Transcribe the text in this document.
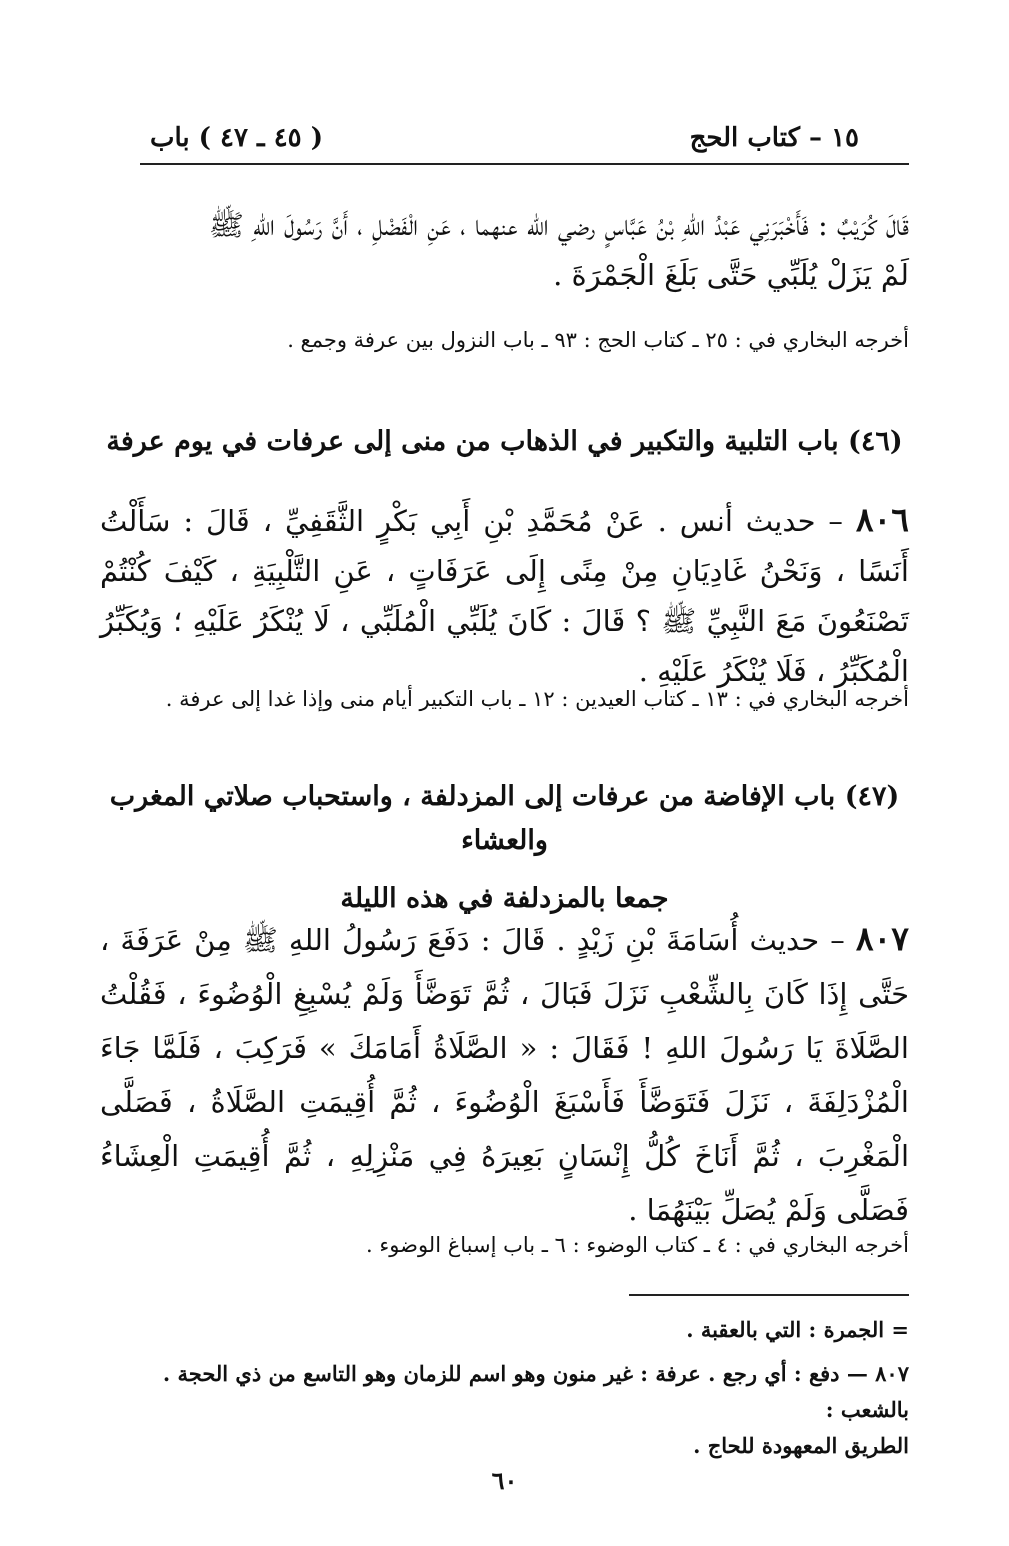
١٥ – كتاب الحج
( ٤٥ ـ ٤٧ ) باب
قَالَ كُرَيْبٌ : فَأَخْبَرَنِي عَبْدُ اللهِ بْنُ عَبَّاسٍ رضي الله عنهما ، عَنِ الْفَضْلِ ، أَنَّ رَسُولَ اللهِ ﷺ
لَمْ يَزَلْ يُلَبِّي حَتَّى بَلَغَ الْجَمْرَةَ .
أخرجه البخاري في : ٢٥ ـ كتاب الحج : ٩٣ ـ باب النزول بين عرفة وجمع .
(٤٦) باب التلبية والتكبير في الذهاب من منى إلى عرفات في يوم عرفة
٨٠٦ – حديث أنس . عَنْ مُحَمَّدِ بْنِ أَبِي بَكْرٍ الثَّقَفِيِّ ، قَالَ : سَأَلْتُ أَنَسًا ، وَنَحْنُ غَادِيَانِ مِنْ مِنًى إِلَى عَرَفَاتٍ ، عَنِ التَّلْبِيَةِ ، كَيْفَ كُنْتُمْ تَصْنَعُونَ مَعَ النَّبِيِّ ﷺ ؟ قَالَ : كَانَ يُلَبِّي الْمُلَبِّي ، لَا يُنْكَرُ عَلَيْهِ ؛ وَيُكَبِّرُ الْمُكَبِّرُ ، فَلَا يُنْكَرُ عَلَيْهِ .
أخرجه البخاري في : ١٣ ـ كتاب العيدين : ١٢ ـ باب التكبير أيام منى وإذا غدا إلى عرفة .
(٤٧) باب الإفاضة من عرفات إلى المزدلفة ، واستحباب صلاتي المغرب والعشاء
جمعا بالمزدلفة في هذه الليلة
٨٠٧ – حديث أُسَامَةَ بْنِ زَيْدٍ . قَالَ : دَفَعَ رَسُولُ اللهِ ﷺ مِنْ عَرَفَةَ ، حَتَّى إِذَا كَانَ بِالشِّعْبِ نَزَلَ فَبَالَ ، ثُمَّ تَوَضَّأَ وَلَمْ يُسْبِغِ الْوُضُوءَ ، فَقُلْتُ الصَّلَاةَ يَا رَسُولَ اللهِ ! فَقَالَ : « الصَّلَاةُ أَمَامَكَ » فَرَكِبَ ، فَلَمَّا جَاءَ الْمُزْدَلِفَةَ ، نَزَلَ فَتَوَضَّأَ فَأَسْبَغَ الْوُضُوءَ ، ثُمَّ أُقِيمَتِ الصَّلَاةُ ، فَصَلَّى الْمَغْرِبَ ، ثُمَّ أَنَاخَ كُلُّ إِنْسَانٍ بَعِيرَهُ فِي مَنْزِلِهِ ، ثُمَّ أُقِيمَتِ الْعِشَاءُ فَصَلَّى وَلَمْ يُصَلِّ بَيْنَهُمَا .
أخرجه البخاري في : ٤ ـ كتاب الوضوء : ٦ ـ باب إسباغ الوضوء .
= الجمرة : التي بالعقبة .
٨٠٧ — دفع : أي رجع . عرفة : غير منون وهو اسم للزمان وهو التاسع من ذي الحجة . بالشعب :
الطريق المعهودة للحاج .
٦٠
